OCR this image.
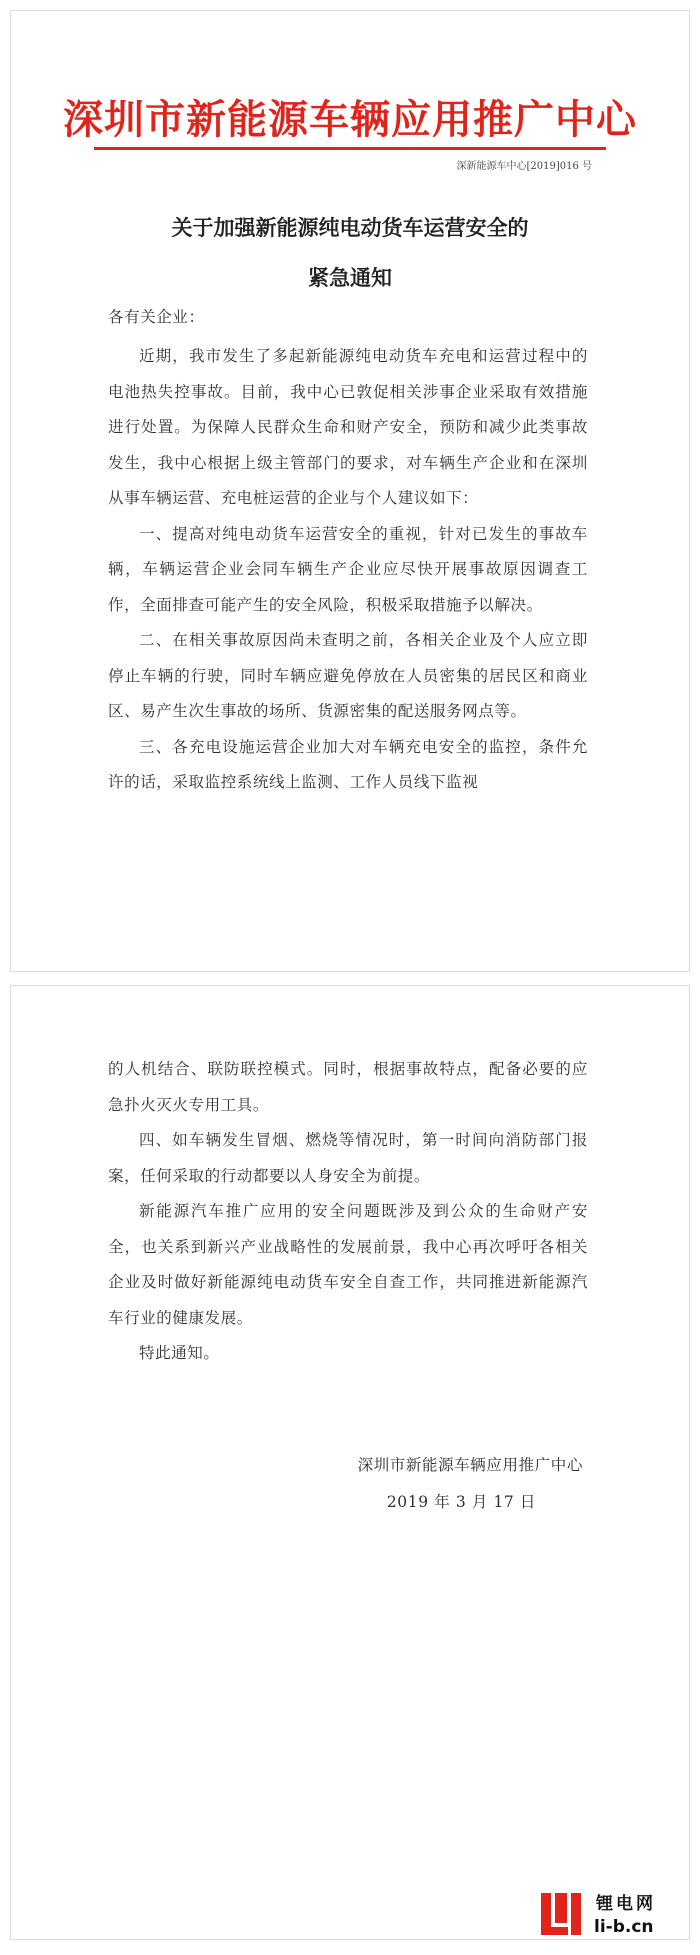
深圳市新能源车辆应用推广中心
深新能源车中心[2019]016 号
关于加强新能源纯电动货车运营安全的
紧急通知
各有关企业：

近期，我市发生了多起新能源纯电动货车充电和运营过程中的电池热失控事故。目前，我中心已敦促相关涉事企业采取有效措施进行处置。为保障人民群众生命和财产安全，预防和减少此类事故发生，我中心根据上级主管部门的要求，对车辆生产企业和在深圳从事车辆运营、充电桩运营的企业与个人建议如下：

一、提高对纯电动货车运营安全的重视，针对已发生的事故车辆，车辆运营企业会同车辆生产企业应尽快开展事故原因调查工作，全面排查可能产生的安全风险，积极采取措施予以解决。

二、在相关事故原因尚未查明之前，各相关企业及个人应立即停止车辆的行驶，同时车辆应避免停放在人员密集的居民区和商业区、易产生次生事故的场所、货源密集的配送服务网点等。

三、各充电设施运营企业加大对车辆充电安全的监控，条件允许的话，采取监控系统线上监测、工作人员线下监视

的人机结合、联防联控模式。同时，根据事故特点，配备必要的应急扑火灭火专用工具。

四、如车辆发生冒烟、燃烧等情况时，第一时间向消防部门报案，任何采取的行动都要以人身安全为前提。

新能源汽车推广应用的安全问题既涉及到公众的生命财产安全，也关系到新兴产业战略性的发展前景，我中心再次呼吁各相关企业及时做好新能源纯电动货车安全自查工作，共同推进新能源汽车行业的健康发展。

特此通知。

深圳市新能源车辆应用推广中心
2019 年 3 月 17 日
锂电网
li-b.cn
